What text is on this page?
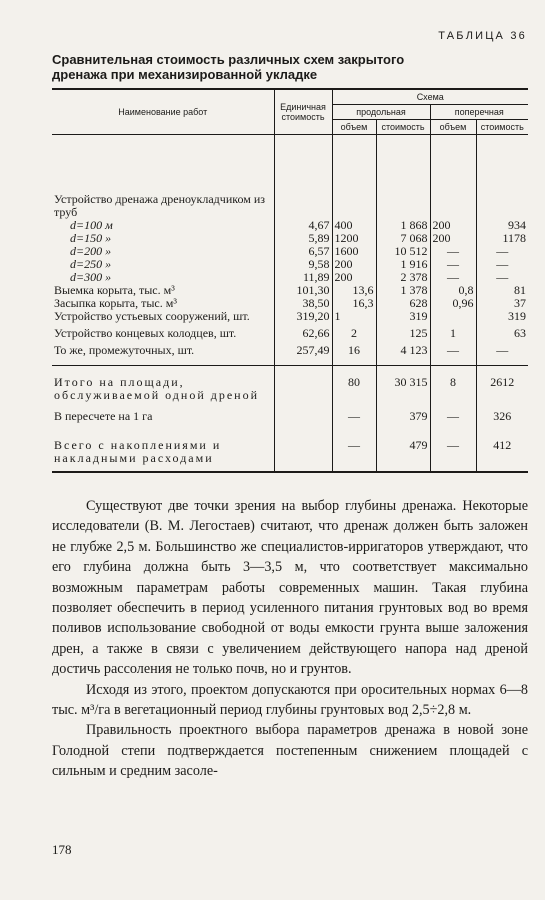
ТАБЛИЦА 36
Сравнительная стоимость различных схем закрытого
дренажа при механизированной укладке
Наименование работ	Единичная стоимость	Схема			
		продольная		поперечная	
		объем	стоимость	объем	стоимость
Устройство дренажа дреноукладчиком из труб					
d=100 м	4,67	400	1 868	200	934
d=150 »	5,89	1200	7 068	200	1178
d=200 »	6,57	1600	10 512	—	—
d=250 »	9,58	200	1 916	—	—
d=300 »	11,89	200	2 378	—	—
Выемка корыта, тыс. м³	101,30	13,6	1 378	0,8	81
Засыпка корыта, тыс. м³	38,50	16,3	628	0,96	37
Устройство устьевых сооружений, шт.	319,20	1	319		319
Устройство концевых колодцев, шт.	62,66	2	125	1	63
То же, промежуточных, шт.	257,49	16	4 123	—	—
Итого на площади, обслуживаемой одной дреной		80	30 315	8	2612
В пересчете на 1 га		—	379	—	326
Всего с накоплениями и накладными расходами		—	479	—	412

Существуют две точки зрения на выбор глубины дренажа. Некоторые исследователи (В. М. Легостаев) считают, что дренаж должен быть заложен не глубже 2,5 м. Большинство же специалистов-ирригаторов утверждают, что его глубина должна быть 3—3,5 м, что соответствует максимально возможным параметрам работы современных машин. Такая глубина позволяет обеспечить в период усиленного питания грунтовых вод во время поливов использование свободной от воды емкости грунта выше заложения дрен, а также в связи с увеличением действующего напора над дреной достичь рассоления не только почв, но и грунтов.

Исходя из этого, проектом допускаются при оросительных нормах 6—8 тыс. м³/га в вегетационный период глубины грунтовых вод 2,5÷2,8 м.

Правильность проектного выбора параметров дренажа в новой зоне Голодной степи подтверждается постепенным снижением площадей с сильным и средним засоле-

178
